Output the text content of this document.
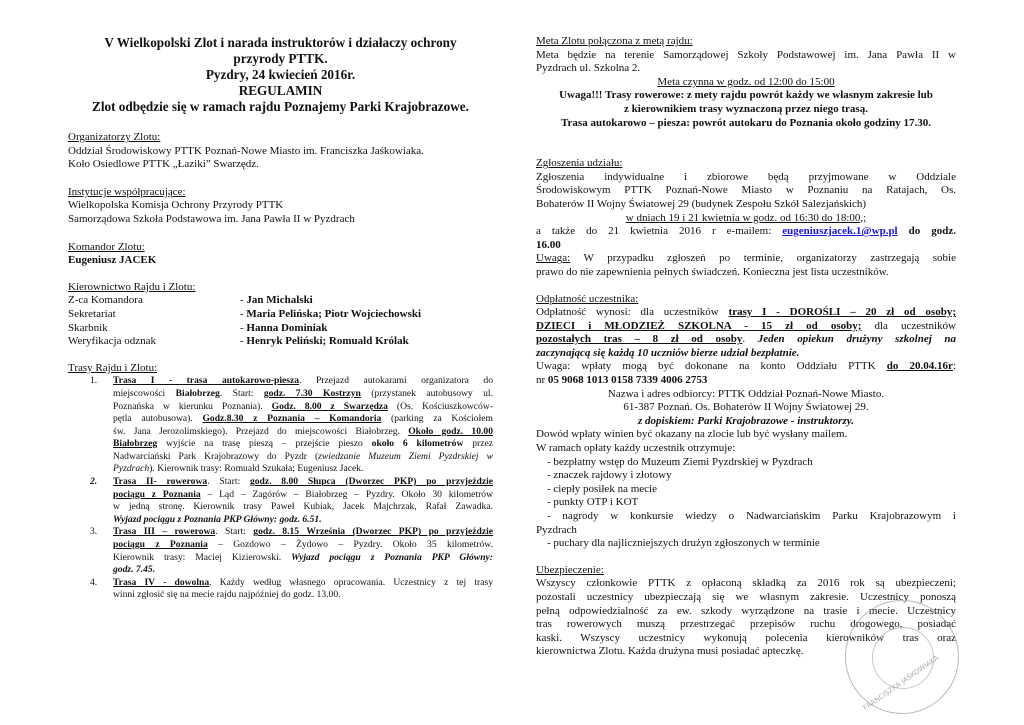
V Wielkopolski Zlot i narada instruktorów i działaczy ochrony
przyrody PTTK.
Pyzdry, 24 kwiecień 2016r.
REGULAMIN
Zlot odbędzie się w ramach rajdu Poznajemy Parki Krajobrazowe.
Organizatorzy Zlotu:
Oddział Środowiskowy PTTK Poznań-Nowe Miasto im. Franciszka Jaśkowiaka.
Koło Osiedlowe PTTK „Łaziki” Swarzędz.
Instytucje współpracujące:
Wielkopolska Komisja Ochrony Przyrody PTTK
Samorządowa Szkoła Podstawowa im. Jana Pawła II w Pyzdrach
Komandor Zlotu:
Eugeniusz JACEK
Kierownictwo Rajdu i Zlotu:
Z-ca Komandora	- Jan Michalski
Sekretariat	- Maria Pelińska; Piotr Wojciechowski
Skarbnik	- Hanna Dominiak
Weryfikacja odznak	- Henryk Peliński; Romuald Królak
Trasy Rajdu i Zlotu:
1. Trasa I - trasa autokarowo-piesza. Przejazd autokarami organizatora do
miejscowości Białobrzeg. Start: godz. 7.30 Kostrzyn (przystanek autobusowy ul.
Poznańska w kierunku Poznania). Godz. 8.00 z Swarzędza (Os. Kościuszkowców-
pętla autobusowa). Godz.8.30 z Poznania – Komandoria (parking za Kościołem
św. Jana Jerozolimskiego). Przejazd do miejscowości Białobrzeg. Około godz. 10.00
Białobrzeg wyjście na trasę pieszą – przejście pieszo około 6 kilometrów przez
Nadwarciański Park Krajobrazowy do Pyzdr (zwiedzanie Muzeum Ziemi Pyzdrskiej w
Pyzdrach). Kierownik trasy: Romuald Szukała; Eugeniusz Jacek.
2. Trasa II- rowerowa. Start: godz. 8.00 Słupca (Dworzec PKP) po przyjeździe
pociągu z Poznania – Ląd – Zagórów – Białobrzeg – Pyzdry. Około 30 kilometrów
w jedną stronę. Kierownik trasy Paweł Kubiak, Jacek Majchrzak, Rafał Zawadka.
Wyjazd pociągu z Poznania PKP Główny: godz. 6.51.
3. Trasa III – rowerowa. Start: godz. 8.15 Września (Dworzec PKP) po przyjeździe
pociągu z Poznania – Gozdowo – Żydowo – Pyzdry. Około 35 kilometrów.
Kierownik trasy: Maciej Kizierowski. Wyjazd pociągu z Poznania PKP Główny:
godz. 7.45.
4. Trasa IV - dowolna. Każdy według własnego opracowania. Uczestnicy z tej trasy
winni zgłosić się na mecie rajdu najpóźniej do godz. 13.00.
Meta Zlotu połączona z metą rajdu:
Meta będzie na terenie Samorządowej Szkoły Podstawowej im. Jana Pawła II w
Pyzdrach ul. Szkolna 2.
Meta czynna w godz. od 12:00 do 15:00
Uwaga!!! Trasy rowerowe: z mety rajdu powrót każdy we własnym zakresie lub
z kierownikiem trasy wyznaczoną przez niego trasą.
Trasa autokarowo – piesza: powrót autokaru do Poznania około godziny 17.30.
Zgłoszenia udziału:
Zgłoszenia indywidualne i zbiorowe będą przyjmowane w Oddziale
Środowiskowym PTTK Poznań-Nowe Miasto w Poznaniu na Ratajach, Os.
Bohaterów II Wojny Światowej 29 (budynek Zespołu Szkół Salezjańskich)
w dniach 19 i 21 kwietnia w godz. od 16:30 do 18:00,;
a także do 21 kwietnia 2016 r e-mailem: eugeniuszjacek.1@wp.pl do godz.
16.00
Uwaga: W przypadku zgłoszeń po terminie, organizatorzy zastrzegają sobie
prawo do nie zapewnienia pełnych świadczeń. Konieczna jest lista uczestników.
Odpłatność uczestnika:
Odpłatność wynosi: dla uczestników trasy I - DOROŚLI – 20 zł od osoby;
DZIECI i MŁODZIEŻ SZKOLNA - 15 zł od osoby; dla uczestników
pozostałych tras – 8 zł od osoby. Jeden opiekun drużyny szkolnej na
zaczynającą się każdą 10 uczniów bierze udział bezpłatnie.
Uwaga: wpłaty mogą być dokonane na konto Oddziału PTTK do 20.04.16r:
nr 05 9068 1013 0158 7339 4006 2753
Nazwa i adres odbiorcy: PTTK Oddział Poznań-Nowe Miasto.
61-387 Poznań. Os. Bohaterów II Wojny Światowej 29.
z dopiskiem: Parki Krajobrazowe - instruktorzy.
Dowód wpłaty winien być okazany na zlocie lub być wysłany mailem.
W ramach opłaty każdy uczestnik otrzymuje:
- bezpłatny wstęp do Muzeum Ziemi Pyzdrskiej w Pyzdrach
- znaczek rajdowy i złotowy
- ciepły posiłek na mecie
- punkty OTP i KOT
- nagrody w konkursie wiedzy o Nadwarciańskim Parku Krajobrazowym i
Pyzdrach
- puchary dla najliczniejszych drużyn zgłoszonych w terminie
Ubezpieczenie:
Wszyscy członkowie PTTK z opłaconą składką za 2016 rok są ubezpieczeni;
pozostali uczestnicy ubezpieczają się we własnym zakresie. Uczestnicy ponoszą
pełną odpowiedzialność za ew. szkody wyrządzone na trasie i mecie. Uczestnicy
tras rowerowych muszą przestrzegać przepisów ruchu drogowego, posiadać
kaski. Wszyscy uczestnicy wykonują polecenia kierowników tras oraz
kierownictwa Zlotu. Każda drużyna musi posiadać apteczkę.
FRANCISZKA JAŚKOWIAKA
